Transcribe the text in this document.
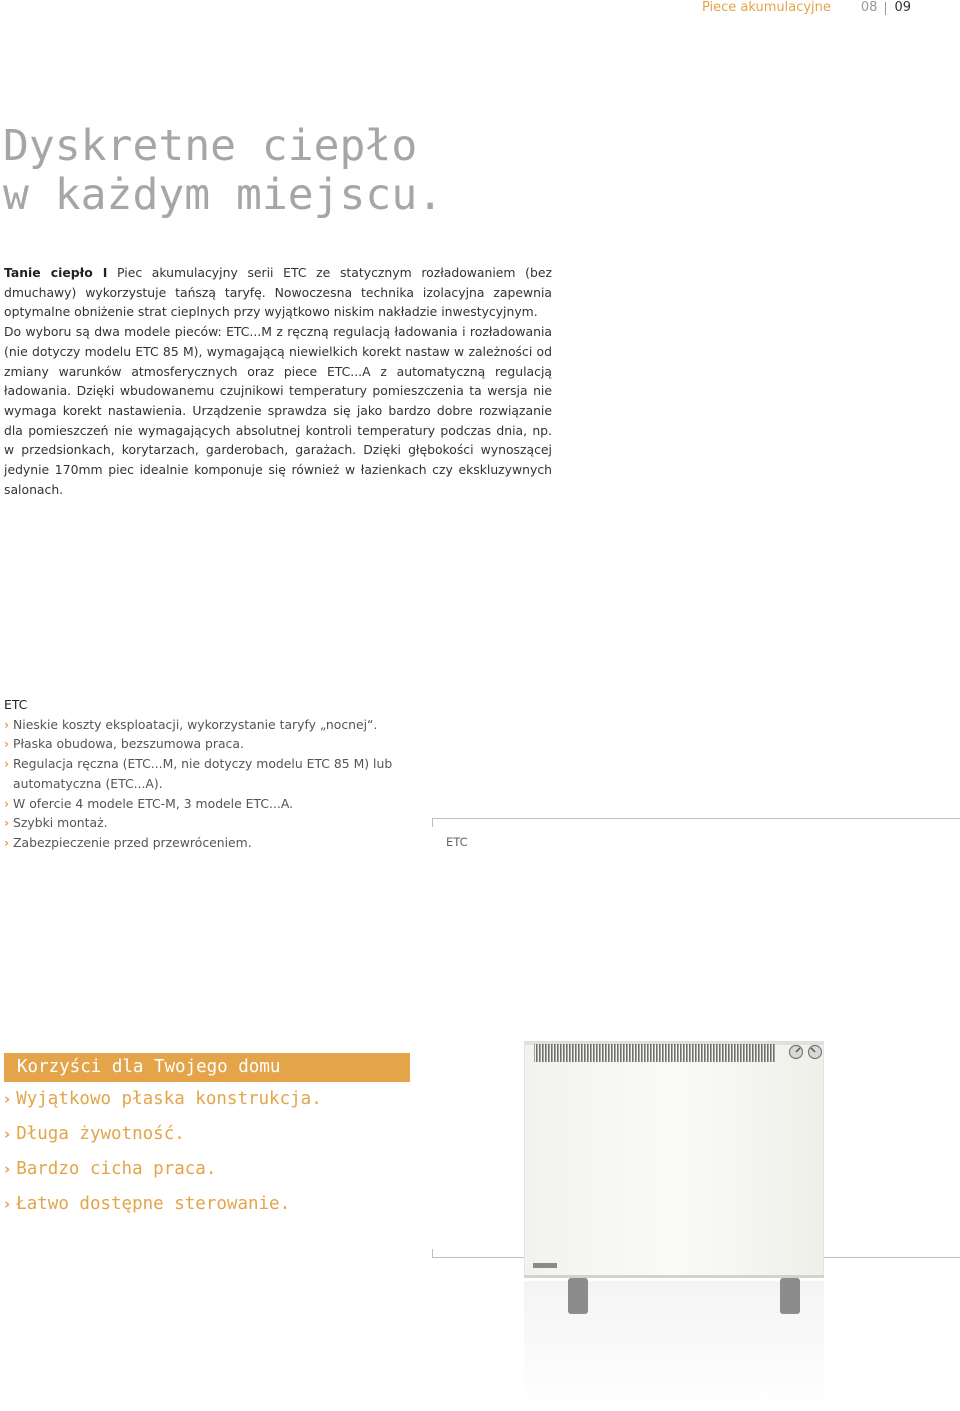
Piece akumulacyjne 08 09
Dyskretne ciepło
w każdym miejscu.

Tanie ciepło I Piec akumulacyjny serii ETC ze statycznym rozładowaniem (bez dmuchawy) wykorzystuje tańszą taryfę. Nowoczesna technika izolacyjna zapewnia optymalne obniżenie strat cieplnych przy wyjątkowo niskim nakładzie inwestycyjnym.

Do wyboru są dwa modele pieców: ETC...M z ręczną regulacją ładowania i rozładowania (nie dotyczy modelu ETC 85 M), wymagającą niewielkich korekt nastaw w zależności od zmiany warunków atmosferycznych oraz piece ETC...A z automatyczną regulacją ładowania. Dzięki wbudowanemu czujnikowi temperatury pomieszczenia ta wersja nie wymaga korekt nastawienia. Urządzenie sprawdza się jako bardzo dobre rozwiązanie dla pomieszczeń nie wymagających absolutnej kontroli temperatury podczas dnia, np. w przedsionkach, korytarzach, garderobach, garażach. Dzięki głębokości wynoszącej jedynie 170mm piec idealnie komponuje się również w łazienkach czy ekskluzywnych salonach.

ETC
› Nieskie koszty eksploatacji, wykorzystanie taryfy „nocnej“.
› Płaska obudowa, bezszumowa praca.
› Regulacja ręczna (ETC...M, nie dotyczy modelu ETC 85 M) lub automatyczna (ETC...A).
› W ofercie 4 modele ETC-M, 3 modele ETC...A.
› Szybki montaż.
› Zabezpieczenie przed przewróceniem.	ETC
Korzyści dla Twojego domu
› Wyjątkowo płaska konstrukcja.
› Długa żywotność.
› Bardzo cicha praca.
› Łatwo dostępne sterowanie.
